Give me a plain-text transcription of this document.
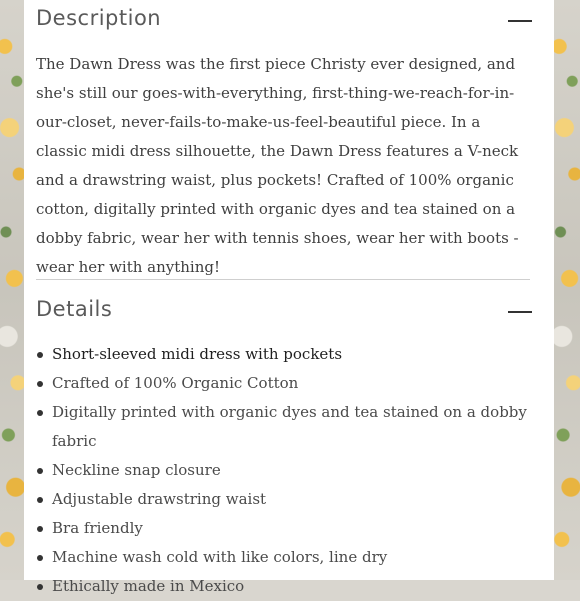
Description

The Dawn Dress was the first piece Christy ever designed, and she's still our goes-with-everything, first-thing-we-reach-for-in-our-closet, never-fails-to-make-us-feel-beautiful piece. In a classic midi dress silhouette, the Dawn Dress features a V-neck and a drawstring waist, plus pockets! Crafted of 100% organic cotton, digitally printed with organic dyes and tea stained on a dobby fabric, wear her with tennis shoes, wear her with boots - wear her with anything!

Details
Short-sleeved midi dress with pockets
Crafted of 100% Organic Cotton
Digitally printed with organic dyes and tea stained on a dobby fabric
Neckline snap closure
Adjustable drawstring waist
Bra friendly
Machine wash cold with like colors, line dry
Ethically made in Mexico
